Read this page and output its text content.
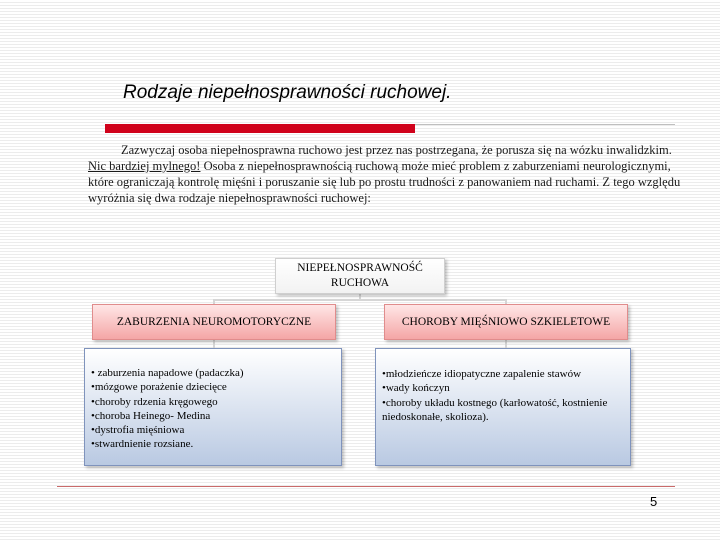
Rodzaje niepełnosprawności ruchowej.
Zazwyczaj osoba niepełnosprawna ruchowo jest przez nas postrzegana, że porusza się na wózku inwalidzkim. Nic bardziej mylnego! Osoba z niepełnosprawnością ruchową może mieć problem z zaburzeniami neurologicznymi, które ograniczają kontrolę mięśni i poruszanie się lub po prostu trudności z panowaniem nad ruchami. Z tego względu wyróżnia się dwa rodzaje niepełnosprawności ruchowej:
NIEPEŁNOSPRAWNOŚĆ RUCHOWA
ZABURZENIA NEUROMOTORYCZNE	CHOROBY MIĘŚNIOWO SZKIELETOWE
• zaburzenia napadowe (padaczka)
•mózgowe porażenie dziecięce
•choroby rdzenia kręgowego
•choroba Heinego- Medina
•dystrofia mięśniowa
•stwardnienie rozsiane.
•młodzieńcze idiopatyczne zapalenie stawów
•wady kończyn
•choroby układu kostnego (karłowatość, kostnienie niedoskonałe, skolioza).
5
